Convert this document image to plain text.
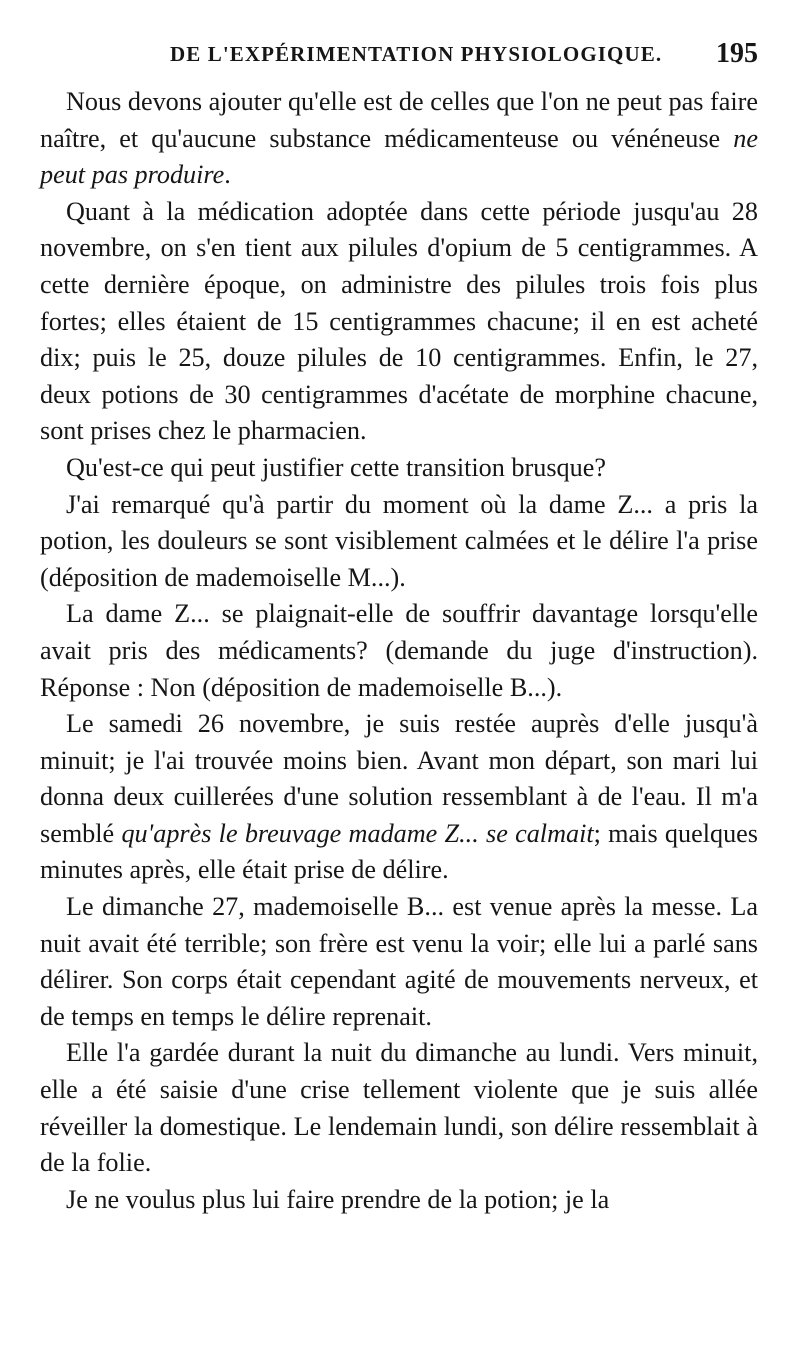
DE L'EXPÉRIMENTATION PHYSIOLOGIQUE. 195

Nous devons ajouter qu'elle est de celles que l'on ne peut pas faire naître, et qu'aucune substance médicamenteuse ou vénéneuse ne peut pas produire.

Quant à la médication adoptée dans cette période jusqu'au 28 novembre, on s'en tient aux pilules d'opium de 5 centigrammes. A cette dernière époque, on administre des pilules trois fois plus fortes; elles étaient de 15 centigrammes chacune; il en est acheté dix; puis le 25, douze pilules de 10 centigrammes. Enfin, le 27, deux potions de 30 centigrammes d'acétate de morphine chacune, sont prises chez le pharmacien.

Qu'est-ce qui peut justifier cette transition brusque?

J'ai remarqué qu'à partir du moment où la dame Z... a pris la potion, les douleurs se sont visiblement calmées et le délire l'a prise (déposition de mademoiselle M...).

La dame Z... se plaignait-elle de souffrir davantage lorsqu'elle avait pris des médicaments? (demande du juge d'instruction). Réponse : Non (déposition de mademoiselle B...).

Le samedi 26 novembre, je suis restée auprès d'elle jusqu'à minuit; je l'ai trouvée moins bien. Avant mon départ, son mari lui donna deux cuillerées d'une solution ressemblant à de l'eau. Il m'a semblé qu'après le breuvage madame Z... se calmait; mais quelques minutes après, elle était prise de délire.

Le dimanche 27, mademoiselle B... est venue après la messe. La nuit avait été terrible; son frère est venu la voir; elle lui a parlé sans délirer. Son corps était cependant agité de mouvements nerveux, et de temps en temps le délire reprenait.

Elle l'a gardée durant la nuit du dimanche au lundi. Vers minuit, elle a été saisie d'une crise tellement violente que je suis allée réveiller la domestique. Le lendemain lundi, son délire ressemblait à de la folie.

Je ne voulus plus lui faire prendre de la potion; je la
